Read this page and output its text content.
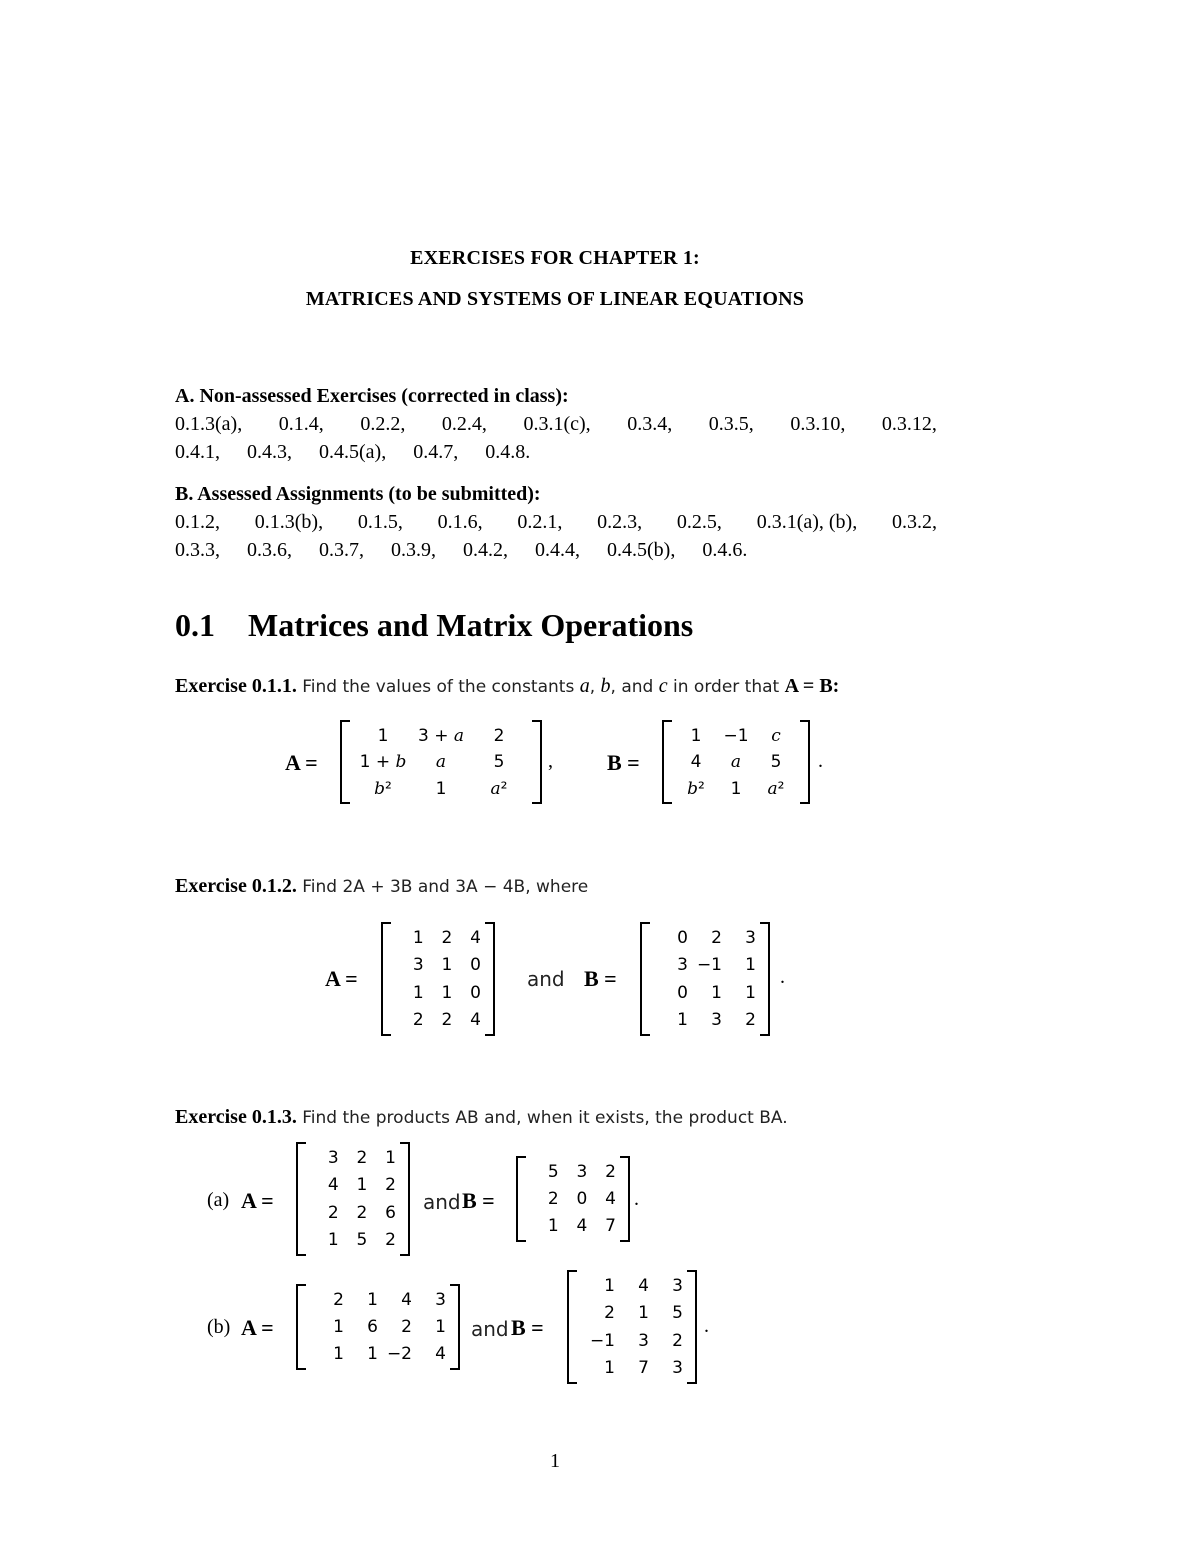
EXERCISES FOR CHAPTER 1:
MATRICES AND SYSTEMS OF LINEAR EQUATIONS
A. Non-assessed Exercises (corrected in class):
0.1.3(a), 0.1.4, 0.2.2, 0.2.4, 0.3.1(c), 0.3.4, 0.3.5, 0.3.10, 0.3.12,
0.4.1, 0.4.3, 0.4.5(a), 0.4.7, 0.4.8.
B. Assessed Assignments (to be submitted):
0.1.2, 0.1.3(b), 0.1.5, 0.1.6, 0.2.1, 0.2.3, 0.2.5, 0.3.1(a), (b), 0.3.2,
0.3.3, 0.3.6, 0.3.7, 0.3.9, 0.4.2, 0.4.4, 0.4.5(b), 0.4.6.
0.1 Matrices and Matrix Operations
Exercise 0.1.1. Find the values of the constants a, b, and c in order that A = B:
A =
1	3 + a	2
1 + b	a	5
b²	1	a²
, B =
1	−1	c
4	a	5
b²	1	a²
.
Exercise 0.1.2. Find 2A + 3B and 3A − 4B, where
A =
1	2	4
3	1	0
1	1	0
2	2	4
and B =
0	2	3
3 −1	1
0	1	1
1	3	2
.
Exercise 0.1.3. Find the products AB and, when it exists, the product BA.
(a) A =
3	2	1
4	1	2
2	2	6
1	5	2
and B =
5	3	2
2	0	4
1	4	7
.
(b) A =
2	1	4	3
1	6	2	1
1	1 −2	4
and B =
1	4	3
2	1	5
−1	3	2
1	7	3
.
1
